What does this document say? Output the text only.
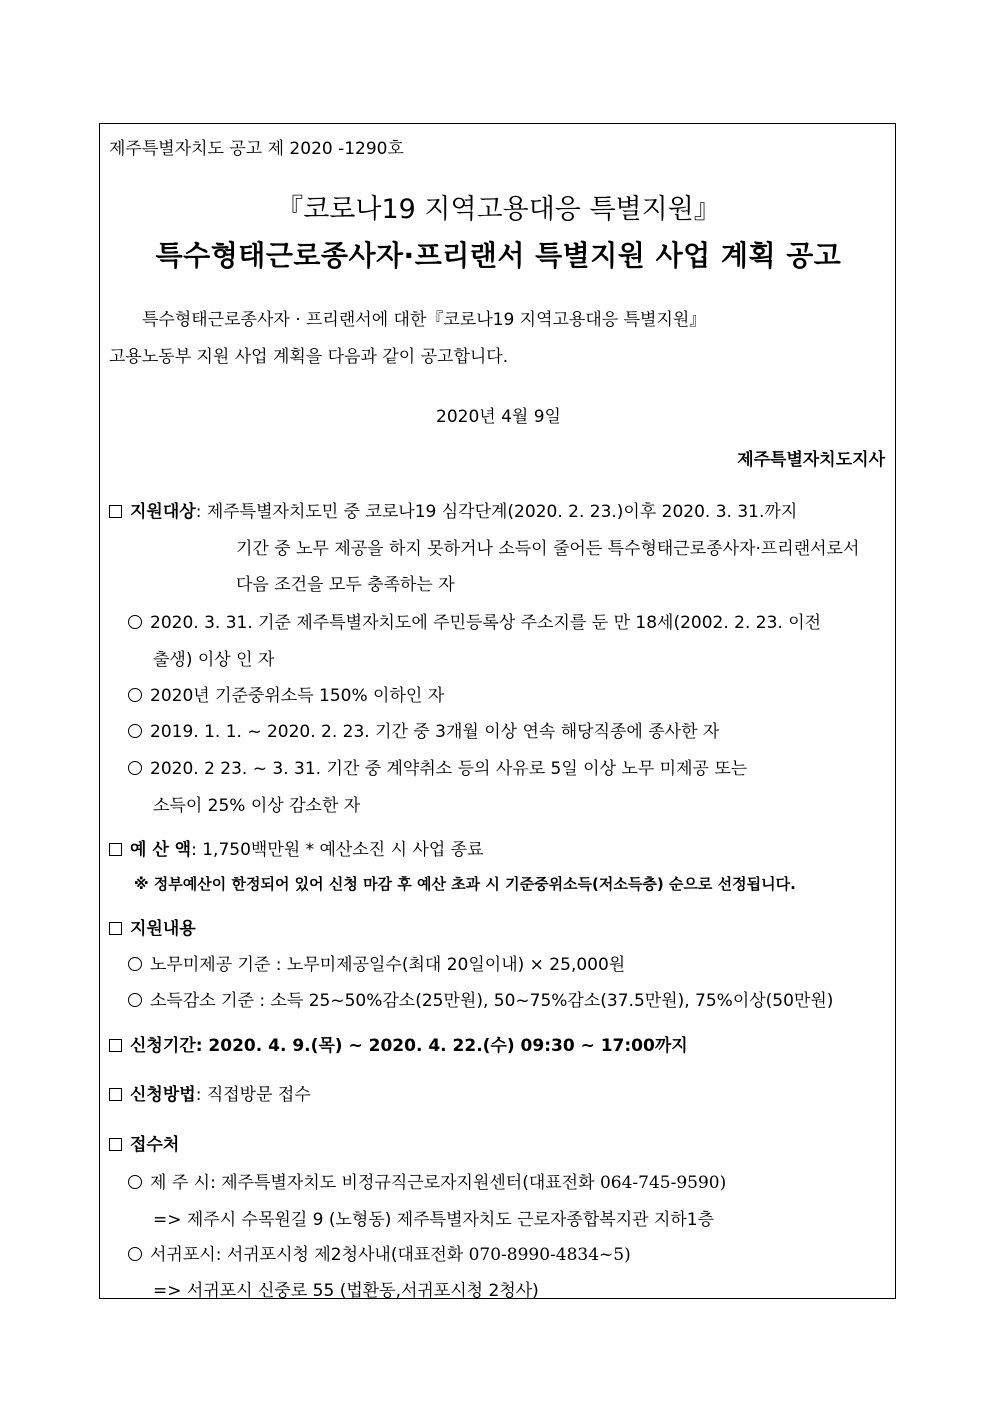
제주특별자치도 공고 제 2020 -1290호
『코로나19 지역고용대응 특별지원』
특수형태근로종사자·프리랜서 특별지원 사업 계획 공고
특수형태근로종사자 · 프리랜서에 대한『코로나19 지역고용대응 특별지원』
고용노동부 지원 사업 계획을 다음과 같이 공고합니다.
2020년 4월 9일
제주특별자치도지사
지원대상: 제주특별자치도민 중 코로나19 심각단계(2020. 2. 23.)이후 2020. 3. 31.까지
기간 중 노무 제공을 하지 못하거나 소득이 줄어든 특수형태근로종사자·프리랜서로서
다음 조건을 모두 충족하는 자
2020. 3. 31. 기준 제주특별자치도에 주민등록상 주소지를 둔 만 18세(2002. 2. 23. 이전
출생) 이상 인 자
2020년 기준중위소득 150% 이하인 자
2019. 1. 1. ~ 2020. 2. 23. 기간 중 3개월 이상 연속 해당직종에 종사한 자
2020. 2 23. ~ 3. 31. 기간 중 계약취소 등의 사유로 5일 이상 노무 미제공 또는
소득이 25% 이상 감소한 자
예 산 액: 1,750백만원 * 예산소진 시 사업 종료
※ 정부예산이 한정되어 있어 신청 마감 후 예산 초과 시 기준중위소득(저소득층) 순으로 선정됩니다.
지원내용
노무미제공 기준 : 노무미제공일수(최대 20일이내) × 25,000원
소득감소 기준 : 소득 25~50%감소(25만원), 50~75%감소(37.5만원), 75%이상(50만원)
신청기간: 2020. 4. 9.(목) ~ 2020. 4. 22.(수) 09:30 ~ 17:00까지
신청방법: 직접방문 접수
접수처
제 주 시: 제주특별자치도 비정규직근로자지원센터(대표전화 064-745-9590)
=> 제주시 수목원길 9 (노형동) 제주특별자치도 근로자종합복지관 지하1층
서귀포시: 서귀포시청 제2청사내(대표전화 070-8990-4834~5)
=> 서귀포시 신중로 55 (법환동,서귀포시청 2청사)
